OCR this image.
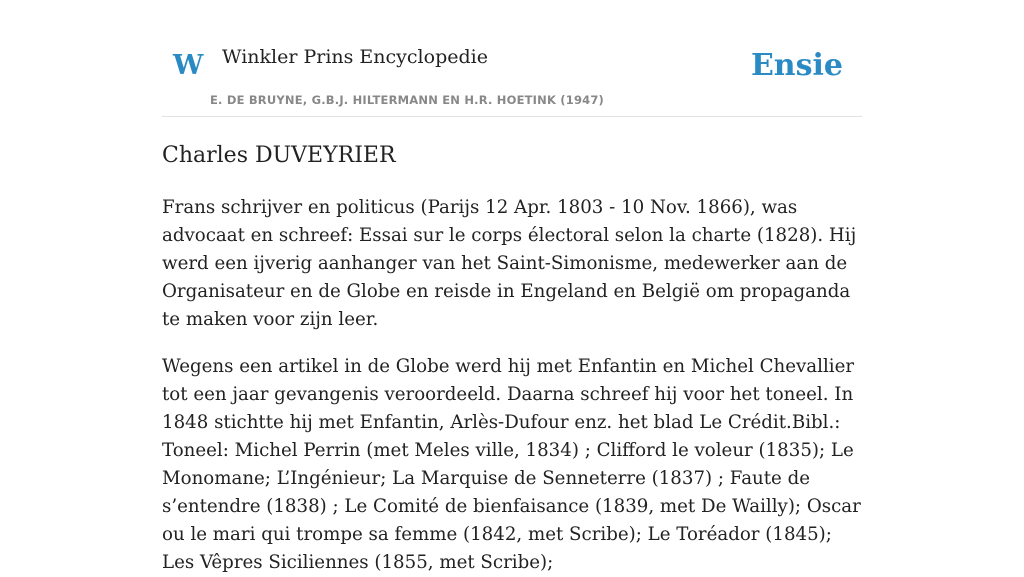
W Winkler Prins Encyclopedie
E. DE BRUYNE, G.B.J. HILTERMANN EN H.R. HOETINK (1947)
Ensie
Charles DUVEYRIER

Frans schrijver en politicus (Parijs 12 Apr. 1803 - 10 Nov. 1866), was advocaat en schreef: Essai sur le corps électoral selon la charte (1828). Hij werd een ijverig aanhanger van het Saint-Simonisme, medewerker aan de Organisateur en de Globe en reisde in Engeland en België om propaganda te maken voor zijn leer.

Wegens een artikel in de Globe werd hij met Enfantin en Michel Chevallier tot een jaar gevangenis veroordeeld. Daarna schreef hij voor het toneel. In 1848 stichtte hij met Enfantin, Arlès-Dufour enz. het blad Le Crédit.Bibl.: Toneel: Michel Perrin (met Meles ville, 1834) ; Clifford le voleur (1835); Le Monomane; L’Ingénieur; La Marquise de Senneterre (1837) ; Faute de s’entendre (1838) ; Le Comité de bienfaisance (1839, met De Wailly); Oscar ou le mari qui trompe sa femme (1842, met Scribe); Le Toréador (1845); Les Vêpres Siciliennes (1855, met Scribe);
